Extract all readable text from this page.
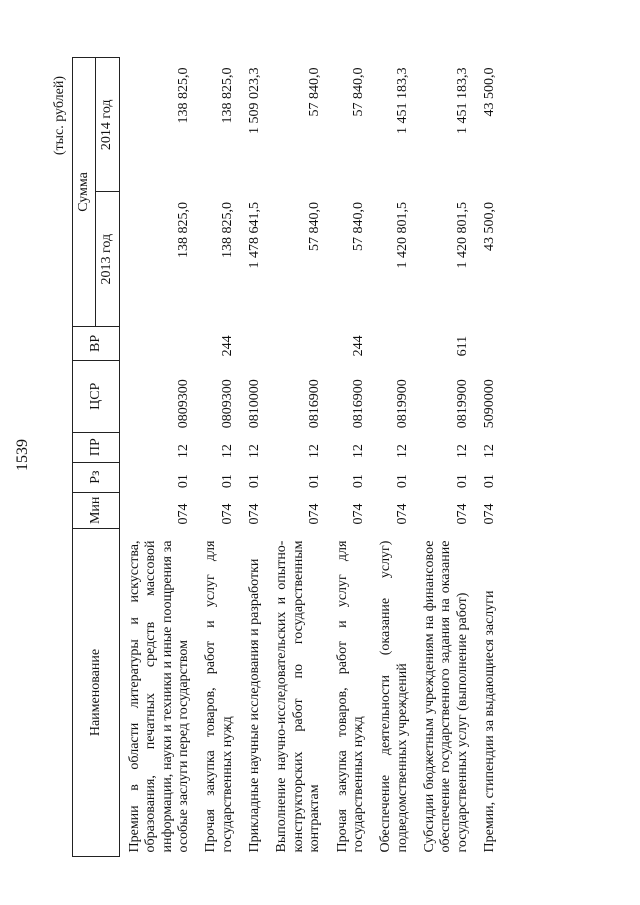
1539
(тыс. рублей)
Наименование	Мин	Рз	ПР	ЦСР	ВР	Сумма	
						2013 год	2014 год
Премии в области литературы и искусства, образования, печатных средств массовой информации, науки и техники и иные поощрения за особые заслуги перед государством	074	01	12	0809300		138 825,0	138 825,0
Прочая закупка товаров, работ и услуг для государственных нужд	074	01	12	0809300	244	138 825,0	138 825,0
Прикладные научные исследования и разработки	074	01	12	0810000		1 478 641,5	1 509 023,3
Выполнение научно-исследовательских и опытно-конструкторских работ по государственным контрактам	074	01	12	0816900		57 840,0	57 840,0
Прочая закупка товаров, работ и услуг для государственных нужд	074	01	12	0816900	244	57 840,0	57 840,0
Обеспечение деятельности (оказание услуг) подведомственных учреждений	074	01	12	0819900		1 420 801,5	1 451 183,3
Субсидии бюджетным учреждениям на финансовое обеспечение государственного задания на оказание государственных услуг (выполнение работ)	074	01	12	0819900	611	1 420 801,5	1 451 183,3
Премии, стипендии за выдающиеся заслуги	074	01	12	5090000		43 500,0	43 500,0
